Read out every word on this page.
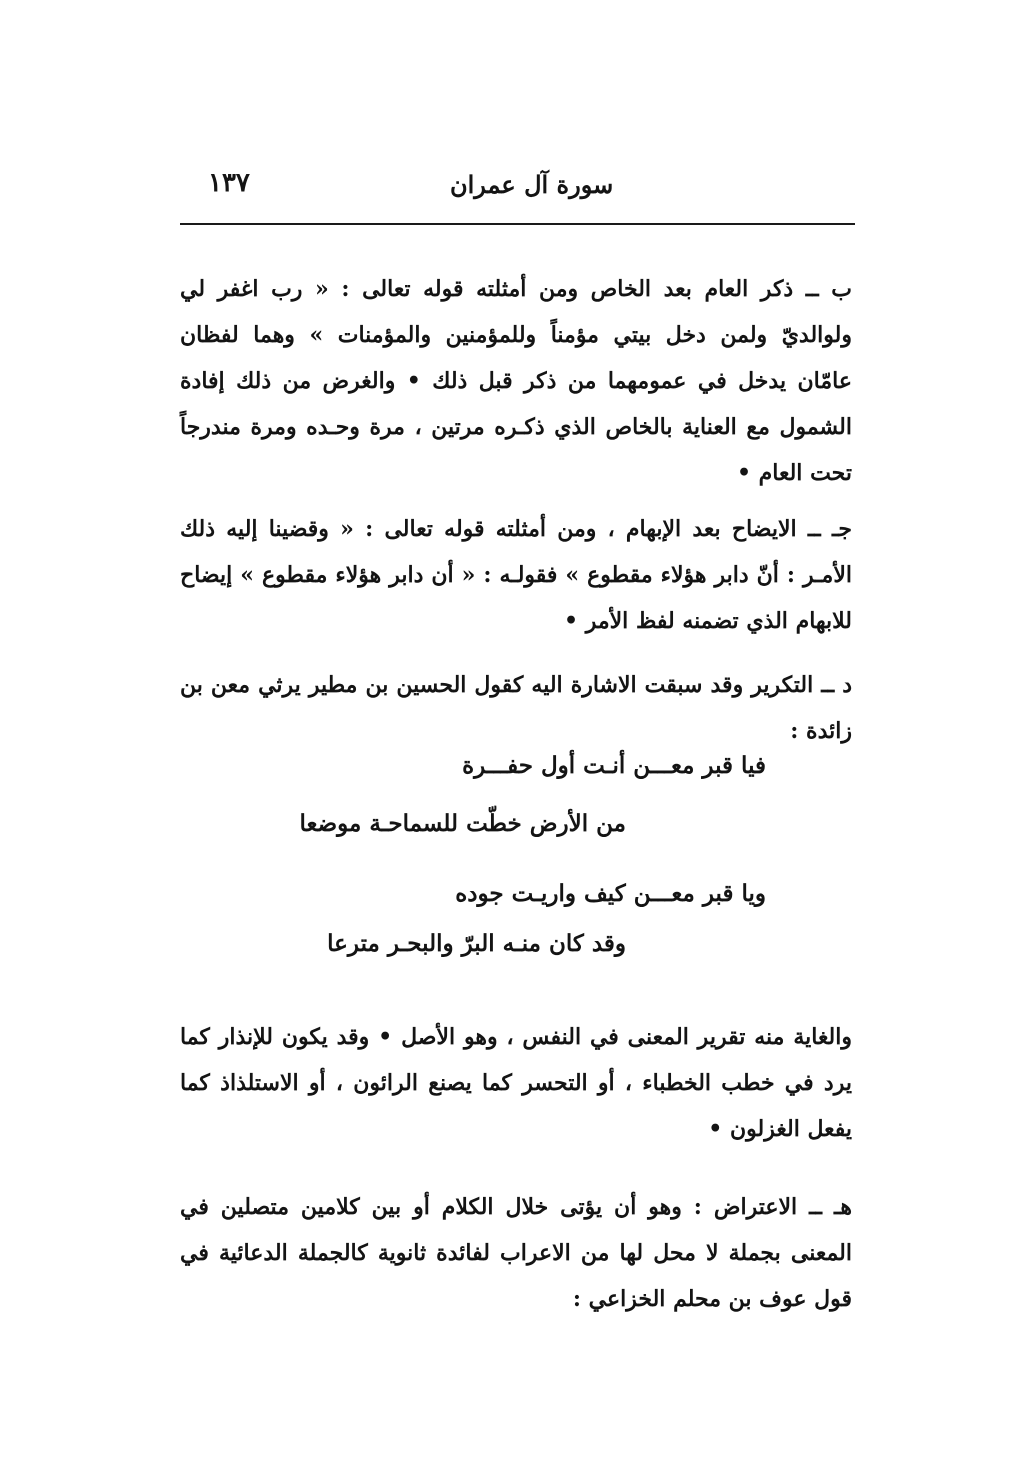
١٣٧	سورة آل عمران

ب ــ ذكر العام بعد الخاص ومن أمثلته قوله تعالى : « رب اغفر لي ولوالديّ ولمن دخل بيتي مؤمناً وللمؤمنين والمؤمنات » وهما لفظان عامّان يدخل في عمومهما من ذكر قبل ذلك • والغرض من ذلك إفادة الشمول مع العناية بالخاص الذي ذكـره مرتين ، مرة وحـده ومرة مندرجاً تحت العام •

جـ ــ الايضاح بعد الإبهام ، ومن أمثلته قوله تعالى : « وقضينا إليه ذلك الأمـر : أنّ دابر هؤلاء مقطوع » فقولـه : « أن دابر هؤلاء مقطوع » إيضاح للابهام الذي تضمنه لفظ الأمر •

د ــ التكرير وقد سبقت الاشارة اليه كقول الحسين بن مطير يرثي معن بن زائدة :

فيا قبر معـــن أنـت أول حفـــرة
من الأرض خطّت للسماحـة موضعا
ويا قبر معـــن كيف واريـت جوده
وقد كان منـه البرّ والبحـر مترعا

والغاية منه تقرير المعنى في النفس ، وهو الأصل • وقد يكون للإنذار كما يرد في خطب الخطباء ، أو التحسر كما يصنع الرائون ، أو الاستلذاذ كما يفعل الغزلون •

هـ ــ الاعتراض : وهو أن يؤتى خلال الكلام أو بين كلامين متصلين في المعنى بجملة لا محل لها من الاعراب لفائدة ثانوية كالجملة الدعائية في قول عوف بن محلم الخزاعي :
